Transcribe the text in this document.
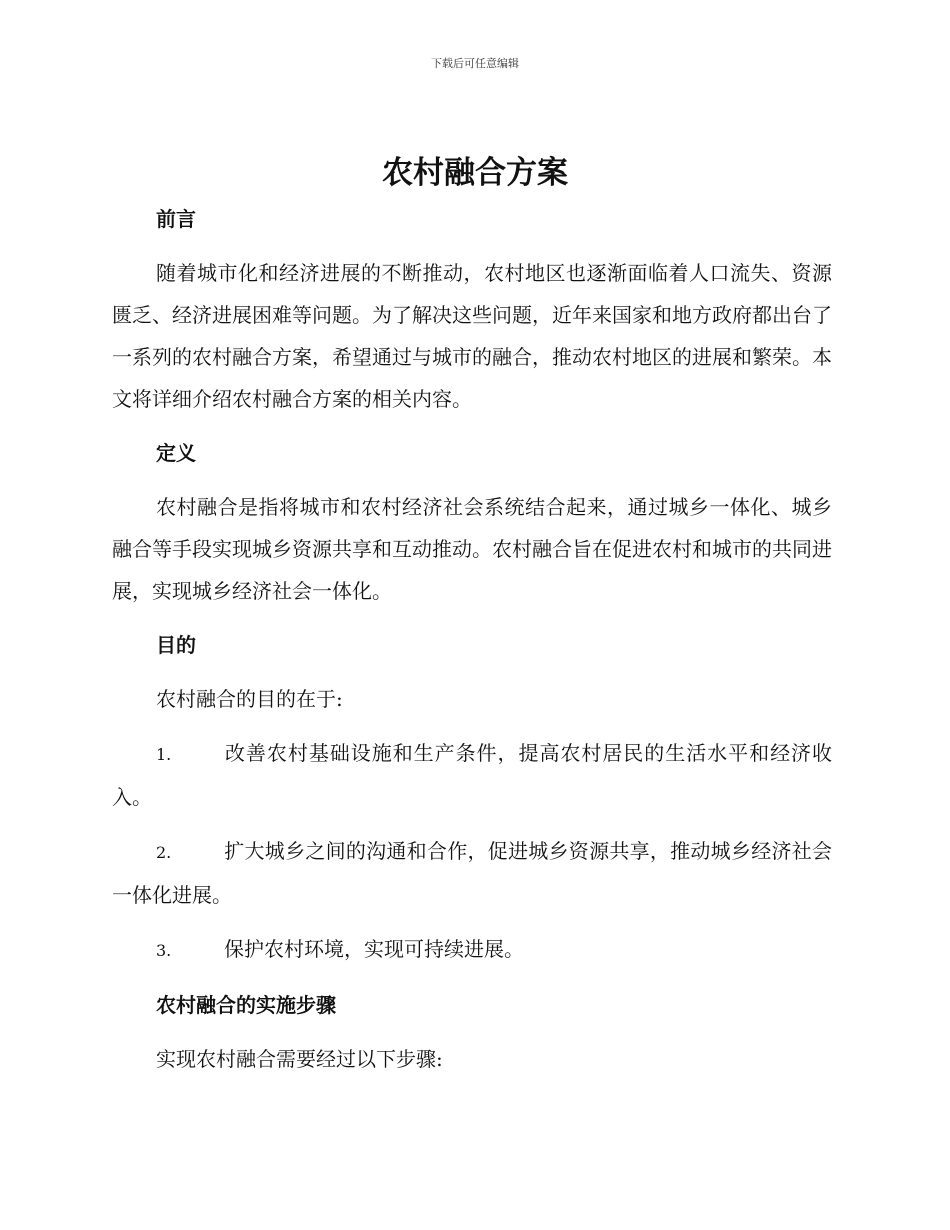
下载后可任意编辑
农村融合方案
前言

随着城市化和经济进展的不断推动，农村地区也逐渐面临着人口流失、资源匮乏、经济进展困难等问题。为了解决这些问题，近年来国家和地方政府都出台了一系列的农村融合方案，希望通过与城市的融合，推动农村地区的进展和繁荣。本文将详细介绍农村融合方案的相关内容。

定义

农村融合是指将城市和农村经济社会系统结合起来，通过城乡一体化、城乡融合等手段实现城乡资源共享和互动推动。农村融合旨在促进农村和城市的共同进展，实现城乡经济社会一体化。

目的

农村融合的目的在于:

1.	改善农村基础设施和生产条件，提高农村居民的生活水平和经济收入。

2.	扩大城乡之间的沟通和合作，促进城乡资源共享，推动城乡经济社会一体化进展。

3.	保护农村环境，实现可持续进展。

农村融合的实施步骤

实现农村融合需要经过以下步骤:
